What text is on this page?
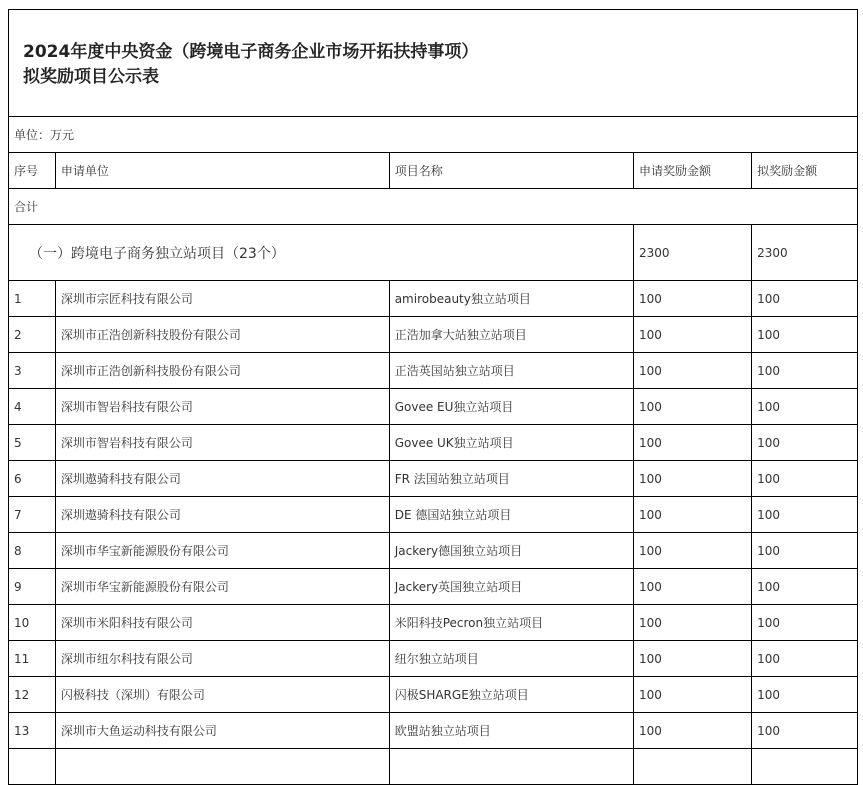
2024年度中央资金（跨境电子商务企业市场开拓扶持事项）
拟奖励项目公示表				

单位：万元				
序号	申请单位	项目名称	申请奖励金额	拟奖励金额
合计				
（一）跨境电子商务独立站项目（23个）			2300	2300
1	深圳市宗匠科技有限公司	amirobeauty独立站项目	100	100
2	深圳市正浩创新科技股份有限公司	正浩加拿大站独立站项目	100	100
3	深圳市正浩创新科技股份有限公司	正浩英国站独立站项目	100	100
4	深圳市智岩科技有限公司	Govee EU独立站项目	100	100
5	深圳市智岩科技有限公司	Govee UK独立站项目	100	100
6	深圳遨骑科技有限公司	FR 法国站独立站项目	100	100
7	深圳遨骑科技有限公司	DE 德国站独立站项目	100	100
8	深圳市华宝新能源股份有限公司	Jackery德国独立站项目	100	100
9	深圳市华宝新能源股份有限公司	Jackery英国独立站项目	100	100
10	深圳市米阳科技有限公司	米阳科技Pecron独立站项目	100	100
11	深圳市纽尔科技有限公司	纽尔独立站项目	100	100
12	闪极科技（深圳）有限公司	闪极SHARGE独立站项目	100	100
13	深圳市大鱼运动科技有限公司	欧盟站独立站项目	100	100
